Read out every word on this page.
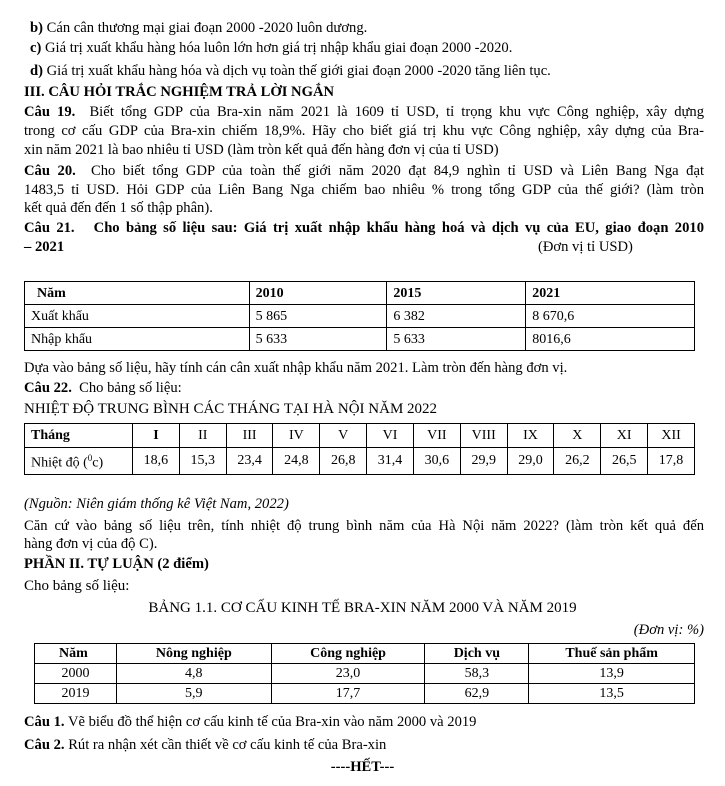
b) Cán cân thương mại giai đoạn 2000 -2020 luôn dương.
c) Giá trị xuất khẩu hàng hóa luôn lớn hơn giá trị nhập khẩu giai đoạn 2000 -2020.
d) Giá trị xuất khẩu hàng hóa và dịch vụ toàn thế giới giai đoạn 2000 -2020 tăng liên tục.
III. CÂU HỎI TRẮC NGHIỆM TRẢ LỜI NGẮN
Câu 19. Biết tổng GDP của Bra-xin năm 2021 là 1609 tỉ USD, tỉ trọng khu vực Công nghiệp, xây dựng
trong cơ cấu GDP của Bra-xin chiếm 18,9%. Hãy cho biết giá trị khu vực Công nghiệp, xây dựng của Bra-
xin năm 2021 là bao nhiêu tỉ USD (làm tròn kết quả đến hàng đơn vị của tỉ USD)
Câu 20. Cho biết tổng GDP của toàn thế giới năm 2020 đạt 84,9 nghìn tỉ USD và Liên Bang Nga đạt
1483,5 tỉ USD. Hỏi GDP của Liên Bang Nga chiếm bao nhiêu % trong tổng GDP của thế giới? (làm tròn
kết quả đến đến 1 số thập phân).
Câu 21. Cho bảng số liệu sau: Giá trị xuất nhập khẩu hàng hoá và dịch vụ của EU, giao đoạn 2010
– 2021	(Đơn vị tỉ USD)
Năm	2010	2015	2021
Xuất khẩu	5 865	6 382	8 670,6
Nhập khẩu	5 633	5 633	8016,6
Dựa vào bảng số liệu, hãy tính cán cân xuất nhập khẩu năm 2021. Làm tròn đến hàng đơn vị.
Câu 22. Cho bảng số liệu:
NHIỆT ĐỘ TRUNG BÌNH CÁC THÁNG TẠI HÀ NỘI NĂM 2022
Tháng	I	II	III	IV	V	VI	VII	VIII	IX	X	XI	XII
Nhiệt độ ($^0$c)	18,6	15,3	23,4	24,8	26,8	31,4	30,6	29,9	29,0	26,2	26,5	17,8
(Nguồn: Niên giám thống kê Việt Nam, 2022)
Căn cứ vào bảng số liệu trên, tính nhiệt độ trung bình năm của Hà Nội năm 2022? (làm tròn kết quả đến
hàng đơn vị của độ C).
PHẦN II. TỰ LUẬN (2 điểm)
Cho bảng số liệu:
BẢNG 1.1. CƠ CẤU KINH TẾ BRA-XIN NĂM 2000 VÀ NĂM 2019
(Đơn vị: %)
Năm	Nông nghiệp	Công nghiệp	Dịch vụ	Thuế sản phẩm
2000	4,8	23,0	58,3	13,9
2019	5,9	17,7	62,9	13,5
Câu 1. Vẽ biểu đồ thể hiện cơ cấu kinh tế của Bra-xin vào năm 2000 và 2019
Câu 2. Rút ra nhận xét cần thiết về cơ cấu kinh tế của Bra-xin
----HẾT---
